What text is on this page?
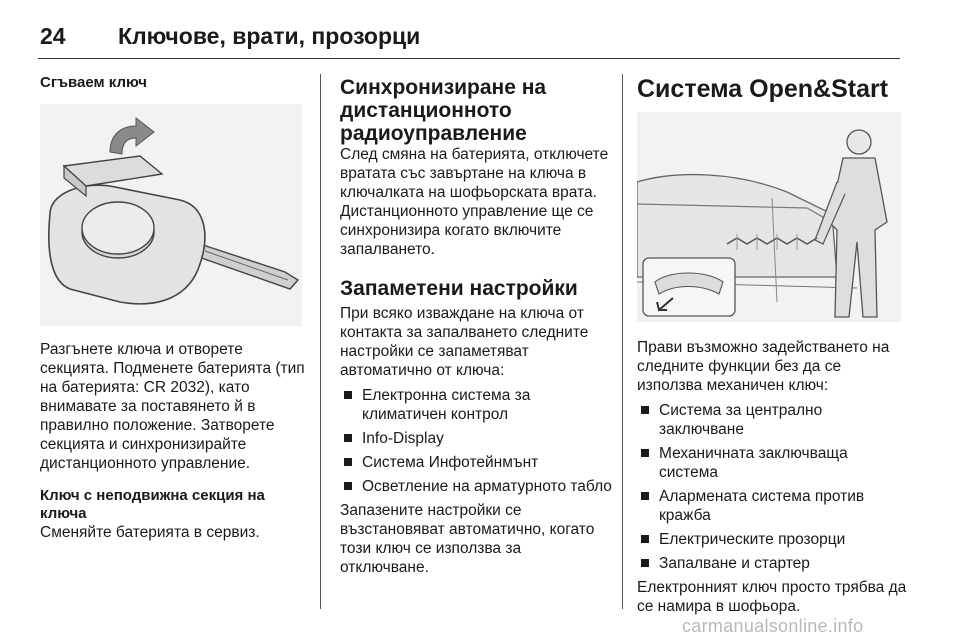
24 Ключове, врати, прозорци
Сгъваем ключ

Разгънете ключа и отворете секцията. Подменете батерията (тип на батерията: CR 2032), като внимавате за поставянето й в правилно положение. Затворете секцията и синхронизирайте дистанционното управление.

Ключ с неподвижна секция на ключа

Сменяйте батерията в сервиз.

Синхронизиране на дистанционното радиоуправление

След смяна на батерията, отключете вратата със завъртане на ключа в ключалката на шофьорската врата. Дистанционното управление ще се синхронизира когато включите запалването.

Запаметени настройки

При всяко изваждане на ключа от контакта за запалването следните настройки се запаметяват автоматично от ключа:

Електронна система за климатичен контрол
Info-Display
Система Инфотейнмънт
Осветление на арматурното табло

Запазените настройки се възстановяват автоматично, когато този ключ се използва за отключване.

Система Open&Start

Прави възможно задействането на следните функции без да се използва механичен ключ:

Система за централно заключване
Механичната заключваща система
Алармената система против кражба
Електрическите прозорци
Запалване и стартер

Електронният ключ просто трябва да се намира в шофьора.

carmanualsonline.info
